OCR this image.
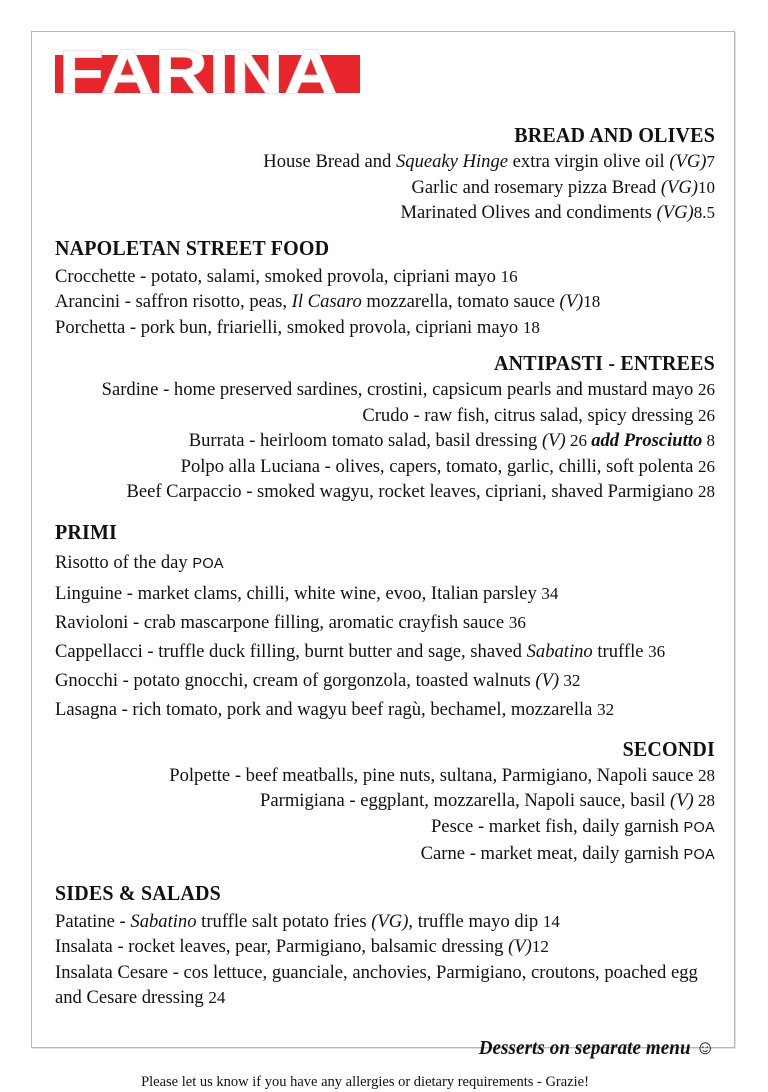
FARINA
BREAD AND OLIVES
House Bread and Squeaky Hinge extra virgin olive oil (VG)7
Garlic and rosemary pizza Bread (VG)10
Marinated Olives and condiments (VG)8.5
NAPOLETAN STREET FOOD
Crocchette - potato, salami, smoked provola, cipriani mayo 16
Arancini - saffron risotto, peas, Il Casaro mozzarella, tomato sauce (V)18
Porchetta - pork bun, friarielli, smoked provola, cipriani mayo 18
ANTIPASTI - ENTREES
Sardine - home preserved sardines, crostini, capsicum pearls and mustard mayo 26
Crudo - raw fish, citrus salad, spicy dressing 26
Burrata - heirloom tomato salad, basil dressing (V) 26 add Prosciutto 8
Polpo alla Luciana - olives, capers, tomato, garlic, chilli, soft polenta 26
Beef Carpaccio - smoked wagyu, rocket leaves, cipriani, shaved Parmigiano 28
PRIMI
Risotto of the day POA
Linguine - market clams, chilli, white wine, evoo, Italian parsley 34
Ravioloni - crab mascarpone filling, aromatic crayfish sauce 36
Cappellacci - truffle duck filling, burnt butter and sage, shaved Sabatino truffle 36
Gnocchi - potato gnocchi, cream of gorgonzola, toasted walnuts (V) 32
Lasagna - rich tomato, pork and wagyu beef ragù, bechamel, mozzarella 32
SECONDI
Polpette - beef meatballs, pine nuts, sultana, Parmigiano, Napoli sauce 28
Parmigiana - eggplant, mozzarella, Napoli sauce, basil (V) 28
Pesce - market fish, daily garnish POA
Carne - market meat, daily garnish POA
SIDES & SALADS
Patatine - Sabatino truffle salt potato fries (VG), truffle mayo dip 14
Insalata - rocket leaves, pear, Parmigiano, balsamic dressing (V)12
Insalata Cesare - cos lettuce, guanciale, anchovies, Parmigiano, croutons, poached egg and Cesare dressing 24
Desserts on separate menu ☺
Please let us know if you have any allergies or dietary requirements - Grazie!
